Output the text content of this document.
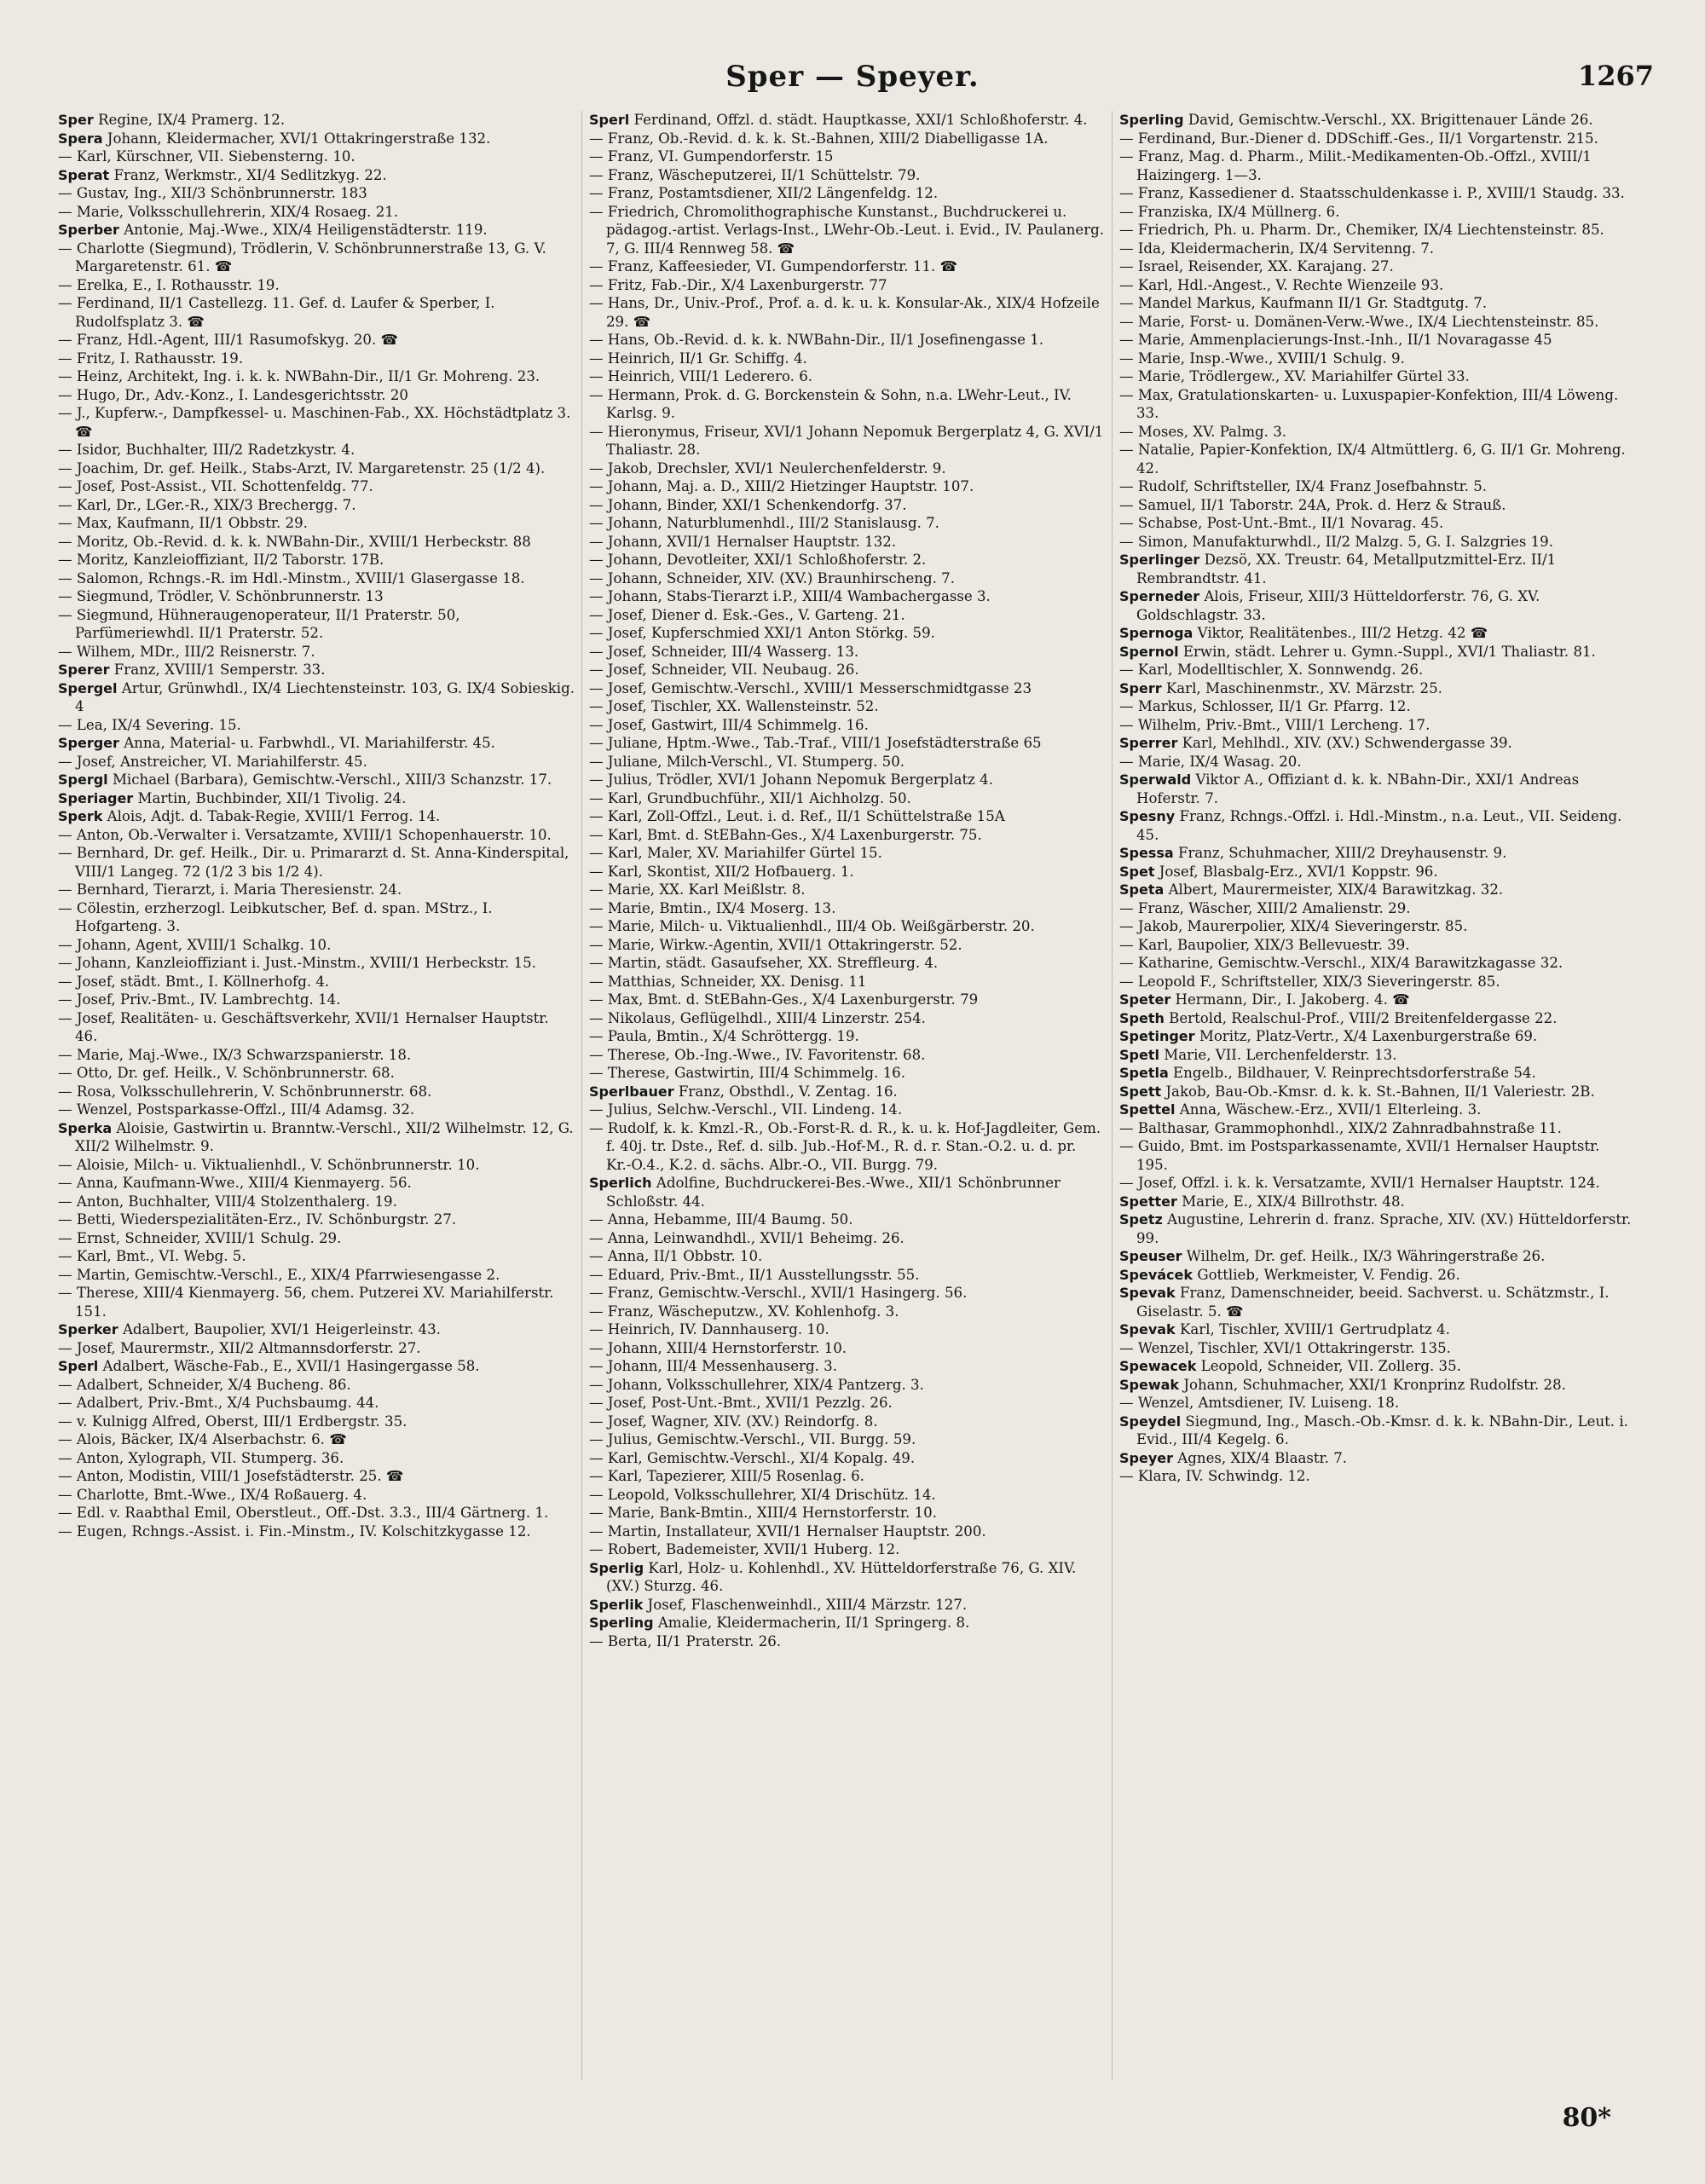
Sper — Speyer.	1267

Sper Regine, IX/4 Pramerg. 12.

Spera Johann, Kleidermacher, XVI/1 Ottakringerstraße 132.

— Karl, Kürschner, VII. Siebensterng. 10.

Sperat Franz, Werkmstr., XI/4 Sedlitzkyg. 22.

— Gustav, Ing., XII/3 Schönbrunnerstr. 183

— Marie, Volksschullehrerin, XIX/4 Rosaeg. 21.

Sperber Antonie, Maj.-Wwe., XIX/4 Heiligenstädterstr. 119.

— Charlotte (Siegmund), Trödlerin, V. Schönbrunnerstraße 13, G. V. Margaretenstr. 61. ☎

— Erelka, E., I. Rothausstr. 19.

— Ferdinand, II/1 Castellezg. 11. Gef. d. Laufer & Sperber, I. Rudolfsplatz 3. ☎

— Franz, Hdl.-Agent, III/1 Rasumofskyg. 20. ☎

— Fritz, I. Rathausstr. 19.

— Heinz, Architekt, Ing. i. k. k. NWBahn-Dir., II/1 Gr. Mohreng. 23.

— Hugo, Dr., Adv.-Konz., I. Landesgerichtsstr. 20

— J., Kupferw.-, Dampfkessel- u. Maschinen-Fab., XX. Höchstädtplatz 3. ☎

— Isidor, Buchhalter, III/2 Radetzkystr. 4.

— Joachim, Dr. gef. Heilk., Stabs-Arzt, IV. Margaretenstr. 25 (1/2 4).

— Josef, Post-Assist., VII. Schottenfeldg. 77.

— Karl, Dr., LGer.-R., XIX/3 Brechergg. 7.

— Max, Kaufmann, II/1 Obbstr. 29.

— Moritz, Ob.-Revid. d. k. k. NWBahn-Dir., XVIII/1 Herbeckstr. 88

— Moritz, Kanzleioffiziant, II/2 Taborstr. 17B.

— Salomon, Rchngs.-R. im Hdl.-Minstm., XVIII/1 Glasergasse 18.

— Siegmund, Trödler, V. Schönbrunnerstr. 13

— Siegmund, Hühneraugenoperateur, II/1 Praterstr. 50, Parfümeriewhdl. II/1 Praterstr. 52.

— Wilhem, MDr., III/2 Reisnerstr. 7.

Sperer Franz, XVIII/1 Semperstr. 33.

Spergel Artur, Grünwhdl., IX/4 Liechtensteinstr. 103, G. IX/4 Sobieskig. 4

— Lea, IX/4 Severing. 15.

Sperger Anna, Material- u. Farbwhdl., VI. Mariahilferstr. 45.

— Josef, Anstreicher, VI. Mariahilferstr. 45.

Spergl Michael (Barbara), Gemischtw.-Verschl., XIII/3 Schanzstr. 17.

Speriager Martin, Buchbinder, XII/1 Tivolig. 24.

Sperk Alois, Adjt. d. Tabak-Regie, XVIII/1 Ferrog. 14.

— Anton, Ob.-Verwalter i. Versatzamte, XVIII/1 Schopenhauerstr. 10.

— Bernhard, Dr. gef. Heilk., Dir. u. Primararzt d. St. Anna-Kinderspital, VIII/1 Langeg. 72 (1/2 3 bis 1/2 4).

— Bernhard, Tierarzt, i. Maria Theresienstr. 24.

— Cölestin, erzherzogl. Leibkutscher, Bef. d. span. MStrz., I. Hofgarteng. 3.

— Johann, Agent, XVIII/1 Schalkg. 10.

— Johann, Kanzleioffiziant i. Just.-Minstm., XVIII/1 Herbeckstr. 15.

— Josef, städt. Bmt., I. Köllnerhofg. 4.

— Josef, Priv.-Bmt., IV. Lambrechtg. 14.

— Josef, Realitäten- u. Geschäftsverkehr, XVII/1 Hernalser Hauptstr. 46.

— Marie, Maj.-Wwe., IX/3 Schwarzspanierstr. 18.

— Otto, Dr. gef. Heilk., V. Schönbrunnerstr. 68.

— Rosa, Volksschullehrerin, V. Schönbrunnerstr. 68.

— Wenzel, Postsparkasse-Offzl., III/4 Adamsg. 32.

Sperka Aloisie, Gastwirtin u. Branntw.-Verschl., XII/2 Wilhelmstr. 12, G. XII/2 Wilhelmstr. 9.

— Aloisie, Milch- u. Viktualienhdl., V. Schönbrunnerstr. 10.

— Anna, Kaufmann-Wwe., XIII/4 Kienmayerg. 56.

— Anton, Buchhalter, VIII/4 Stolzenthalerg. 19.

— Betti, Wiederspezialitäten-Erz., IV. Schönburgstr. 27.

— Ernst, Schneider, XVIII/1 Schulg. 29.

— Karl, Bmt., VI. Webg. 5.

— Martin, Gemischtw.-Verschl., E., XIX/4 Pfarrwiesengasse 2.

— Therese, XIII/4 Kienmayerg. 56, chem. Putzerei XV. Mariahilferstr. 151.

Sperker Adalbert, Baupolier, XVI/1 Heigerleinstr. 43.

— Josef, Maurermstr., XII/2 Altmannsdorferstr. 27.

Sperl Adalbert, Wäsche-Fab., E., XVII/1 Hasingergasse 58.

— Adalbert, Schneider, X/4 Bucheng. 86.

— Adalbert, Priv.-Bmt., X/4 Puchsbaumg. 44.

— v. Kulnigg Alfred, Oberst, III/1 Erdbergstr. 35.

— Alois, Bäcker, IX/4 Alserbachstr. 6. ☎

— Anton, Xylograph, VII. Stumperg. 36.

— Anton, Modistin, VIII/1 Josefstädterstr. 25. ☎

— Charlotte, Bmt.-Wwe., IX/4 Roßauerg. 4.

— Edl. v. Raabthal Emil, Oberstleut., Off.-Dst. 3.3., III/4 Gärtnerg. 1.

— Eugen, Rchngs.-Assist. i. Fin.-Minstm., IV. Kolschitzkygasse 12.

Sperl Ferdinand, Offzl. d. städt. Hauptkasse, XXI/1 Schloßhoferstr. 4.

— Franz, Ob.-Revid. d. k. k. St.-Bahnen, XIII/2 Diabelligasse 1A.

— Franz, VI. Gumpendorferstr. 15

— Franz, Wäscheputzerei, II/1 Schüttelstr. 79.

— Franz, Postamtsdiener, XII/2 Längenfeldg. 12.

— Friedrich, Chromolithographische Kunstanst., Buchdruckerei u. pädagog.-artist. Verlags-Inst., LWehr-Ob.-Leut. i. Evid., IV. Paulanerg. 7, G. III/4 Rennweg 58. ☎

— Franz, Kaffeesieder, VI. Gumpendorferstr. 11. ☎

— Fritz, Fab.-Dir., X/4 Laxenburgerstr. 77

— Hans, Dr., Univ.-Prof., Prof. a. d. k. u. k. Konsular-Ak., XIX/4 Hofzeile 29. ☎

— Hans, Ob.-Revid. d. k. k. NWBahn-Dir., II/1 Josefinengasse 1.

— Heinrich, II/1 Gr. Schiffg. 4.

— Heinrich, VIII/1 Lederero. 6.

— Hermann, Prok. d. G. Borckenstein & Sohn, n.a. LWehr-Leut., IV. Karlsg. 9.

— Hieronymus, Friseur, XVI/1 Johann Nepomuk Bergerplatz 4, G. XVI/1 Thaliastr. 28.

— Jakob, Drechsler, XVI/1 Neulerchenfelderstr. 9.

— Johann, Maj. a. D., XIII/2 Hietzinger Hauptstr. 107.

— Johann, Binder, XXI/1 Schenkendorfg. 37.

— Johann, Naturblumenhdl., III/2 Stanislausg. 7.

— Johann, XVII/1 Hernalser Hauptstr. 132.

— Johann, Devotleiter, XXI/1 Schloßhoferstr. 2.

— Johann, Schneider, XIV. (XV.) Braunhirscheng. 7.

— Johann, Stabs-Tierarzt i.P., XIII/4 Wambachergasse 3.

— Josef, Diener d. Esk.-Ges., V. Garteng. 21.

— Josef, Kupferschmied XXI/1 Anton Störkg. 59.

— Josef, Schneider, III/4 Wasserg. 13.

— Josef, Schneider, VII. Neubaug. 26.

— Josef, Gemischtw.-Verschl., XVIII/1 Messerschmidtgasse 23

— Josef, Tischler, XX. Wallensteinstr. 52.

— Josef, Gastwirt, III/4 Schimmelg. 16.

— Juliane, Hptm.-Wwe., Tab.-Traf., VIII/1 Josefstädterstraße 65

— Juliane, Milch-Verschl., VI. Stumperg. 50.

— Julius, Trödler, XVI/1 Johann Nepomuk Bergerplatz 4.

— Karl, Grundbuchführ., XII/1 Aichholzg. 50.

— Karl, Zoll-Offzl., Leut. i. d. Ref., II/1 Schüttelstraße 15A

— Karl, Bmt. d. StEBahn-Ges., X/4 Laxenburgerstr. 75.

— Karl, Maler, XV. Mariahilfer Gürtel 15.

— Karl, Skontist, XII/2 Hofbauerg. 1.

— Marie, XX. Karl Meißlstr. 8.

— Marie, Bmtin., IX/4 Moserg. 13.

— Marie, Milch- u. Viktualienhdl., III/4 Ob. Weißgärberstr. 20.

— Marie, Wirkw.-Agentin, XVII/1 Ottakringerstr. 52.

— Martin, städt. Gasaufseher, XX. Streffleurg. 4.

— Matthias, Schneider, XX. Denisg. 11

— Max, Bmt. d. StEBahn-Ges., X/4 Laxenburgerstr. 79

— Nikolaus, Geflügelhdl., XIII/4 Linzerstr. 254.

— Paula, Bmtin., X/4 Schröttergg. 19.

— Therese, Ob.-Ing.-Wwe., IV. Favoritenstr. 68.

— Therese, Gastwirtin, III/4 Schimmelg. 16.

Sperlbauer Franz, Obsthdl., V. Zentag. 16.

— Julius, Selchw.-Verschl., VII. Lindeng. 14.

— Rudolf, k. k. Kmzl.-R., Ob.-Forst-R. d. R., k. u. k. Hof-Jagdleiter, Gem. f. 40j. tr. Dste., Ref. d. silb. Jub.-Hof-M., R. d. r. Stan.-O.2. u. d. pr. Kr.-O.4., K.2. d. sächs. Albr.-O., VII. Burgg. 79.

Sperlich Adolfine, Buchdruckerei-Bes.-Wwe., XII/1 Schönbrunner Schloßstr. 44.

— Anna, Hebamme, III/4 Baumg. 50.

— Anna, Leinwandhdl., XVII/1 Beheimg. 26.

— Anna, II/1 Obbstr. 10.

— Eduard, Priv.-Bmt., II/1 Ausstellungsstr. 55.

— Franz, Gemischtw.-Verschl., XVII/1 Hasingerg. 56.

— Franz, Wäscheputzw., XV. Kohlenhofg. 3.

— Heinrich, IV. Dannhauserg. 10.

— Johann, XIII/4 Hernstorferstr. 10.

— Johann, III/4 Messenhauserg. 3.

— Johann, Volksschullehrer, XIX/4 Pantzerg. 3.

— Josef, Post-Unt.-Bmt., XVII/1 Pezzlg. 26.

— Josef, Wagner, XIV. (XV.) Reindorfg. 8.

— Julius, Gemischtw.-Verschl., VII. Burgg. 59.

— Karl, Gemischtw.-Verschl., XI/4 Kopalg. 49.

— Karl, Tapezierer, XIII/5 Rosenlag. 6.

— Leopold, Volksschullehrer, XI/4 Drischütz. 14.

— Marie, Bank-Bmtin., XIII/4 Hernstorferstr. 10.

— Martin, Installateur, XVII/1 Hernalser Hauptstr. 200.

— Robert, Bademeister, XVII/1 Huberg. 12.

Sperlig Karl, Holz- u. Kohlenhdl., XV. Hütteldorferstraße 76, G. XIV. (XV.) Sturzg. 46.

Sperlik Josef, Flaschenweinhdl., XIII/4 Märzstr. 127.

Sperling Amalie, Kleidermacherin, II/1 Springerg. 8.

— Berta, II/1 Praterstr. 26.

Sperling David, Gemischtw.-Verschl., XX. Brigittenauer Lände 26.

— Ferdinand, Bur.-Diener d. DDSchiff.-Ges., II/1 Vorgartenstr. 215.

— Franz, Mag. d. Pharm., Milit.-Medikamenten-Ob.-Offzl., XVIII/1 Haizingerg. 1—3.

— Franz, Kassediener d. Staatsschuldenkasse i. P., XVIII/1 Staudg. 33.

— Franziska, IX/4 Müllnerg. 6.

— Friedrich, Ph. u. Pharm. Dr., Chemiker, IX/4 Liechtensteinstr. 85.

— Ida, Kleidermacherin, IX/4 Servitenng. 7.

— Israel, Reisender, XX. Karajang. 27.

— Karl, Hdl.-Angest., V. Rechte Wienzeile 93.

— Mandel Markus, Kaufmann II/1 Gr. Stadtgutg. 7.

— Marie, Forst- u. Domänen-Verw.-Wwe., IX/4 Liechtensteinstr. 85.

— Marie, Ammenplacierungs-Inst.-Inh., II/1 Novaragasse 45

— Marie, Insp.-Wwe., XVIII/1 Schulg. 9.

— Marie, Trödlergew., XV. Mariahilfer Gürtel 33.

— Max, Gratulationskarten- u. Luxuspapier-Konfektion, III/4 Löweng. 33.

— Moses, XV. Palmg. 3.

— Natalie, Papier-Konfektion, IX/4 Altmüttlerg. 6, G. II/1 Gr. Mohreng. 42.

— Rudolf, Schriftsteller, IX/4 Franz Josefbahnstr. 5.

— Samuel, II/1 Taborstr. 24A, Prok. d. Herz & Strauß.

— Schabse, Post-Unt.-Bmt., II/1 Novarag. 45.

— Simon, Manufakturwhdl., II/2 Malzg. 5, G. I. Salzgries 19.

Sperlinger Dezsö, XX. Treustr. 64, Metallputzmittel-Erz. II/1 Rembrandtstr. 41.

Sperneder Alois, Friseur, XIII/3 Hütteldorferstr. 76, G. XV. Goldschlagstr. 33.

Spernoga Viktor, Realitätenbes., III/2 Hetzg. 42 ☎

Spernol Erwin, städt. Lehrer u. Gymn.-Suppl., XVI/1 Thaliastr. 81.

— Karl, Modelltischler, X. Sonnwendg. 26.

Sperr Karl, Maschinenmstr., XV. Märzstr. 25.

— Markus, Schlosser, II/1 Gr. Pfarrg. 12.

— Wilhelm, Priv.-Bmt., VIII/1 Lercheng. 17.

Sperrer Karl, Mehlhdl., XIV. (XV.) Schwendergasse 39.

— Marie, IX/4 Wasag. 20.

Sperwald Viktor A., Offiziant d. k. k. NBahn-Dir., XXI/1 Andreas Hoferstr. 7.

Spesny Franz, Rchngs.-Offzl. i. Hdl.-Minstm., n.a. Leut., VII. Seideng. 45.

Spessa Franz, Schuhmacher, XIII/2 Dreyhausenstr. 9.

Spet Josef, Blasbalg-Erz., XVI/1 Koppstr. 96.

Speta Albert, Maurermeister, XIX/4 Barawitzkag. 32.

— Franz, Wäscher, XIII/2 Amalienstr. 29.

— Jakob, Maurerpolier, XIX/4 Sieveringerstr. 85.

— Karl, Baupolier, XIX/3 Bellevuestr. 39.

— Katharine, Gemischtw.-Verschl., XIX/4 Barawitzkagasse 32.

— Leopold F., Schriftsteller, XIX/3 Sieveringerstr. 85.

Speter Hermann, Dir., I. Jakoberg. 4. ☎

Speth Bertold, Realschul-Prof., VIII/2 Breitenfeldergasse 22.

Spetinger Moritz, Platz-Vertr., X/4 Laxenburgerstraße 69.

Spetl Marie, VII. Lerchenfelderstr. 13.

Spetla Engelb., Bildhauer, V. Reinprechtsdorferstraße 54.

Spett Jakob, Bau-Ob.-Kmsr. d. k. k. St.-Bahnen, II/1 Valeriestr. 2B.

Spettel Anna, Wäschew.-Erz., XVII/1 Elterleing. 3.

— Balthasar, Grammophonhdl., XIX/2 Zahnradbahnstraße 11.

— Guido, Bmt. im Postsparkassenamte, XVII/1 Hernalser Hauptstr. 195.

— Josef, Offzl. i. k. k. Versatzamte, XVII/1 Hernalser Hauptstr. 124.

Spetter Marie, E., XIX/4 Billrothstr. 48.

Spetz Augustine, Lehrerin d. franz. Sprache, XIV. (XV.) Hütteldorferstr. 99.

Speuser Wilhelm, Dr. gef. Heilk., IX/3 Währingerstraße 26.

Spevácek Gottlieb, Werkmeister, V. Fendig. 26.

Spevak Franz, Damenschneider, beeid. Sachverst. u. Schätzmstr., I. Giselastr. 5. ☎

Spevak Karl, Tischler, XVIII/1 Gertrudplatz 4.

— Wenzel, Tischler, XVI/1 Ottakringerstr. 135.

Spewacek Leopold, Schneider, VII. Zollerg. 35.

Spewak Johann, Schuhmacher, XXI/1 Kronprinz Rudolfstr. 28.

— Wenzel, Amtsdiener, IV. Luiseng. 18.

Speydel Siegmund, Ing., Masch.-Ob.-Kmsr. d. k. k. NBahn-Dir., Leut. i. Evid., III/4 Kegelg. 6.

Speyer Agnes, XIX/4 Blaastr. 7.

— Klara, IV. Schwindg. 12.

80*
